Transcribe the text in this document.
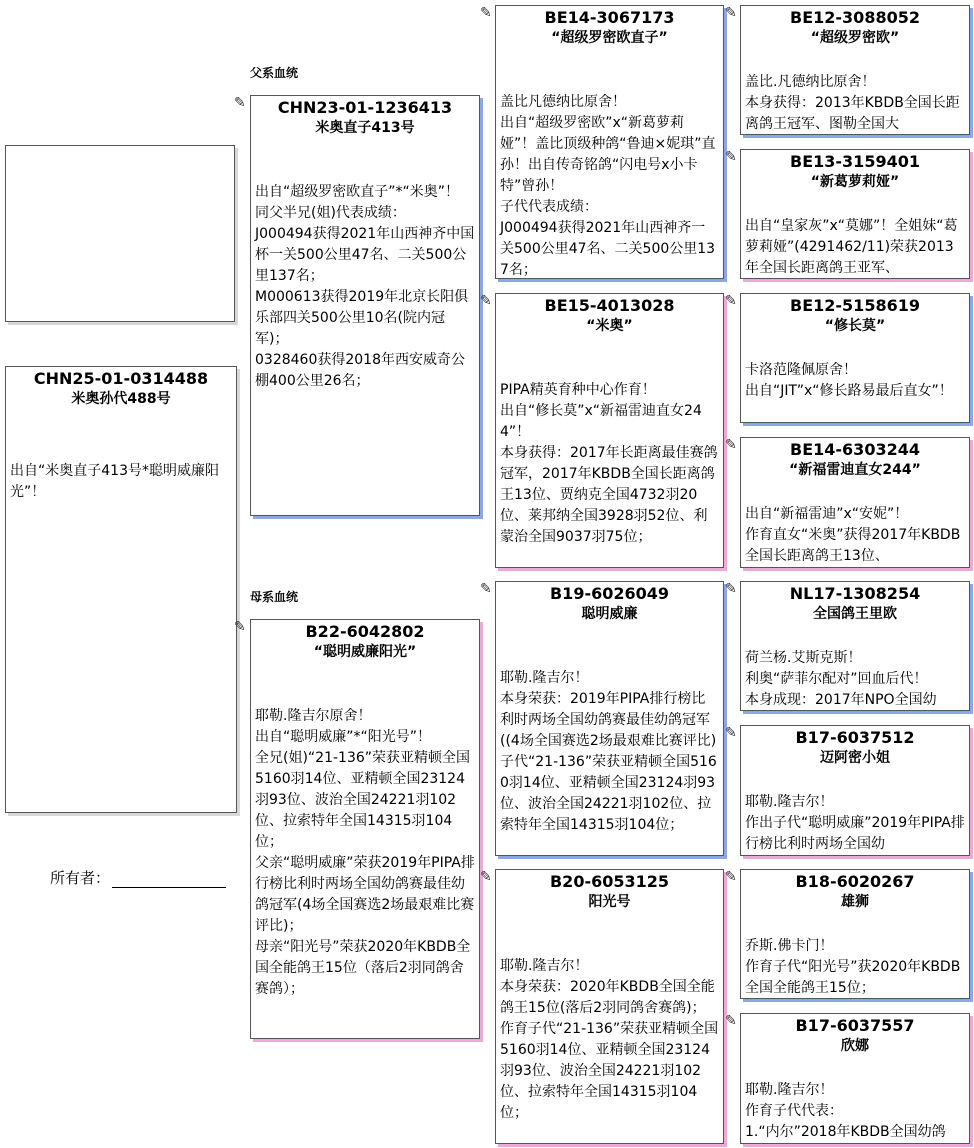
父系血统
母系血统
CHN25-01-0314488
米奥孙代488号
出自“米奥直子413号*聪明威廉阳光”！
所有者：
✎	CHN23-01-1236413
米奥直子413号
出自“超级罗密欧直子”*“米奥”！
同父半兄(姐)代表成绩：
J000494获得2021年山西神齐中国杯一关500公里47名、二关500公里137名；
M000613获得2019年北京长阳俱乐部四关500公里10名(院内冠军)；
0328460获得2018年西安威奇公棚400公里26名；
✎	B22-6042802
“聪明威廉阳光”
耶勒.隆吉尔原舍！
出自“聪明威廉”*“阳光号”！
全兄(姐)“21-136”荣获亚精顿全国5160羽14位、亚精顿全国23124羽93位、波治全国24221羽102位、拉索特年全国14315羽104位；
父亲“聪明威廉”荣获2019年PIPA排行榜比利时两场全国幼鸽赛最佳幼鸽冠军(4场全国赛选2场最艰难比赛评比)；
母亲“阳光号”荣获2020年KBDB全国全能鸽王15位（落后2羽同鸽舍赛鸽）；
✎	BE14-3067173
“超级罗密欧直子”
盖比凡德纳比原舍！
出自“超级罗密欧”x“新葛萝莉娅”！盖比顶级种鸽“鲁迪×妮琪”直孙！出自传奇铭鸽“闪电号x小卡特”曾孙！
子代代表成绩：
J000494获得2021年山西神齐一关500公里47名、二关500公里137名；
✎	BE15-4013028
“米奥”
PIPA精英育种中心作育！
出自“修长莫”x“新福雷迪直女244”！
本身获得：2017年长距离最佳赛鸽冠军，2017年KBDB全国长距离鸽王13位、贾纳克全国4732羽20位、莱邦纳全国3928羽52位、利蒙治全国9037羽75位；
✎	B19-6026049
聪明威廉
耶勒.隆吉尔！
本身荣获：2019年PIPA排行榜比利时两场全国幼鸽赛最佳幼鸽冠军((4场全国赛选2场最艰难比赛评比)
子代“21-136”荣获亚精顿全国5160羽14位、亚精顿全国23124羽93位、波治全国24221羽102位、拉索特年全国14315羽104位；
✎	B20-6053125
阳光号
耶勒.隆吉尔！
本身荣获：2020年KBDB全国全能鸽王15位(落后2羽同鸽舍赛鸽)；
作育子代“21-136”荣获亚精顿全国5160羽14位、亚精顿全国23124羽93位、波治全国24221羽102位、拉索特年全国14315羽104位；
✎	BE12-3088052
“超级罗密欧”
盖比.凡德纳比原舍！
本身获得：2013年KBDB全国长距离鸽王冠军、图勒全国大
✎	BE13-3159401
“新葛萝莉娅”
出自“皇家灰”x“莫娜”！全姐妹“葛萝莉娅”(4291462/11)荣获2013年全国长距离鸽王亚军、
✎	BE12-5158619
“修长莫”
卡洛范隆佩原舍！
出自“JIT”x“修长路易最后直女”！
✎	BE14-6303244
“新福雷迪直女244”
出自“新福雷迪”x“安妮”！
作育直女“米奥”获得2017年KBDB全国长距离鸽王13位、
✎	NL17-1308254
全国鸽王里欧
荷兰杨.艾斯克斯！
利奥“萨菲尔配对”回血后代！
本身成现：2017年NPO全国幼
✎	B17-6037512
迈阿密小姐
耶勒.隆吉尔！
作出子代“聪明威廉”2019年PIPA排行榜比利时两场全国幼
✎	B18-6020267
雄狮
乔斯.佛卡门！
作育子代“阳光号”获2020年KBDB全国全能鸽王15位；
✎	B17-6037557
欣娜
耶勒.隆吉尔！
作育子代代表：
1.“内尔”2018年KBDB全国幼鸽
